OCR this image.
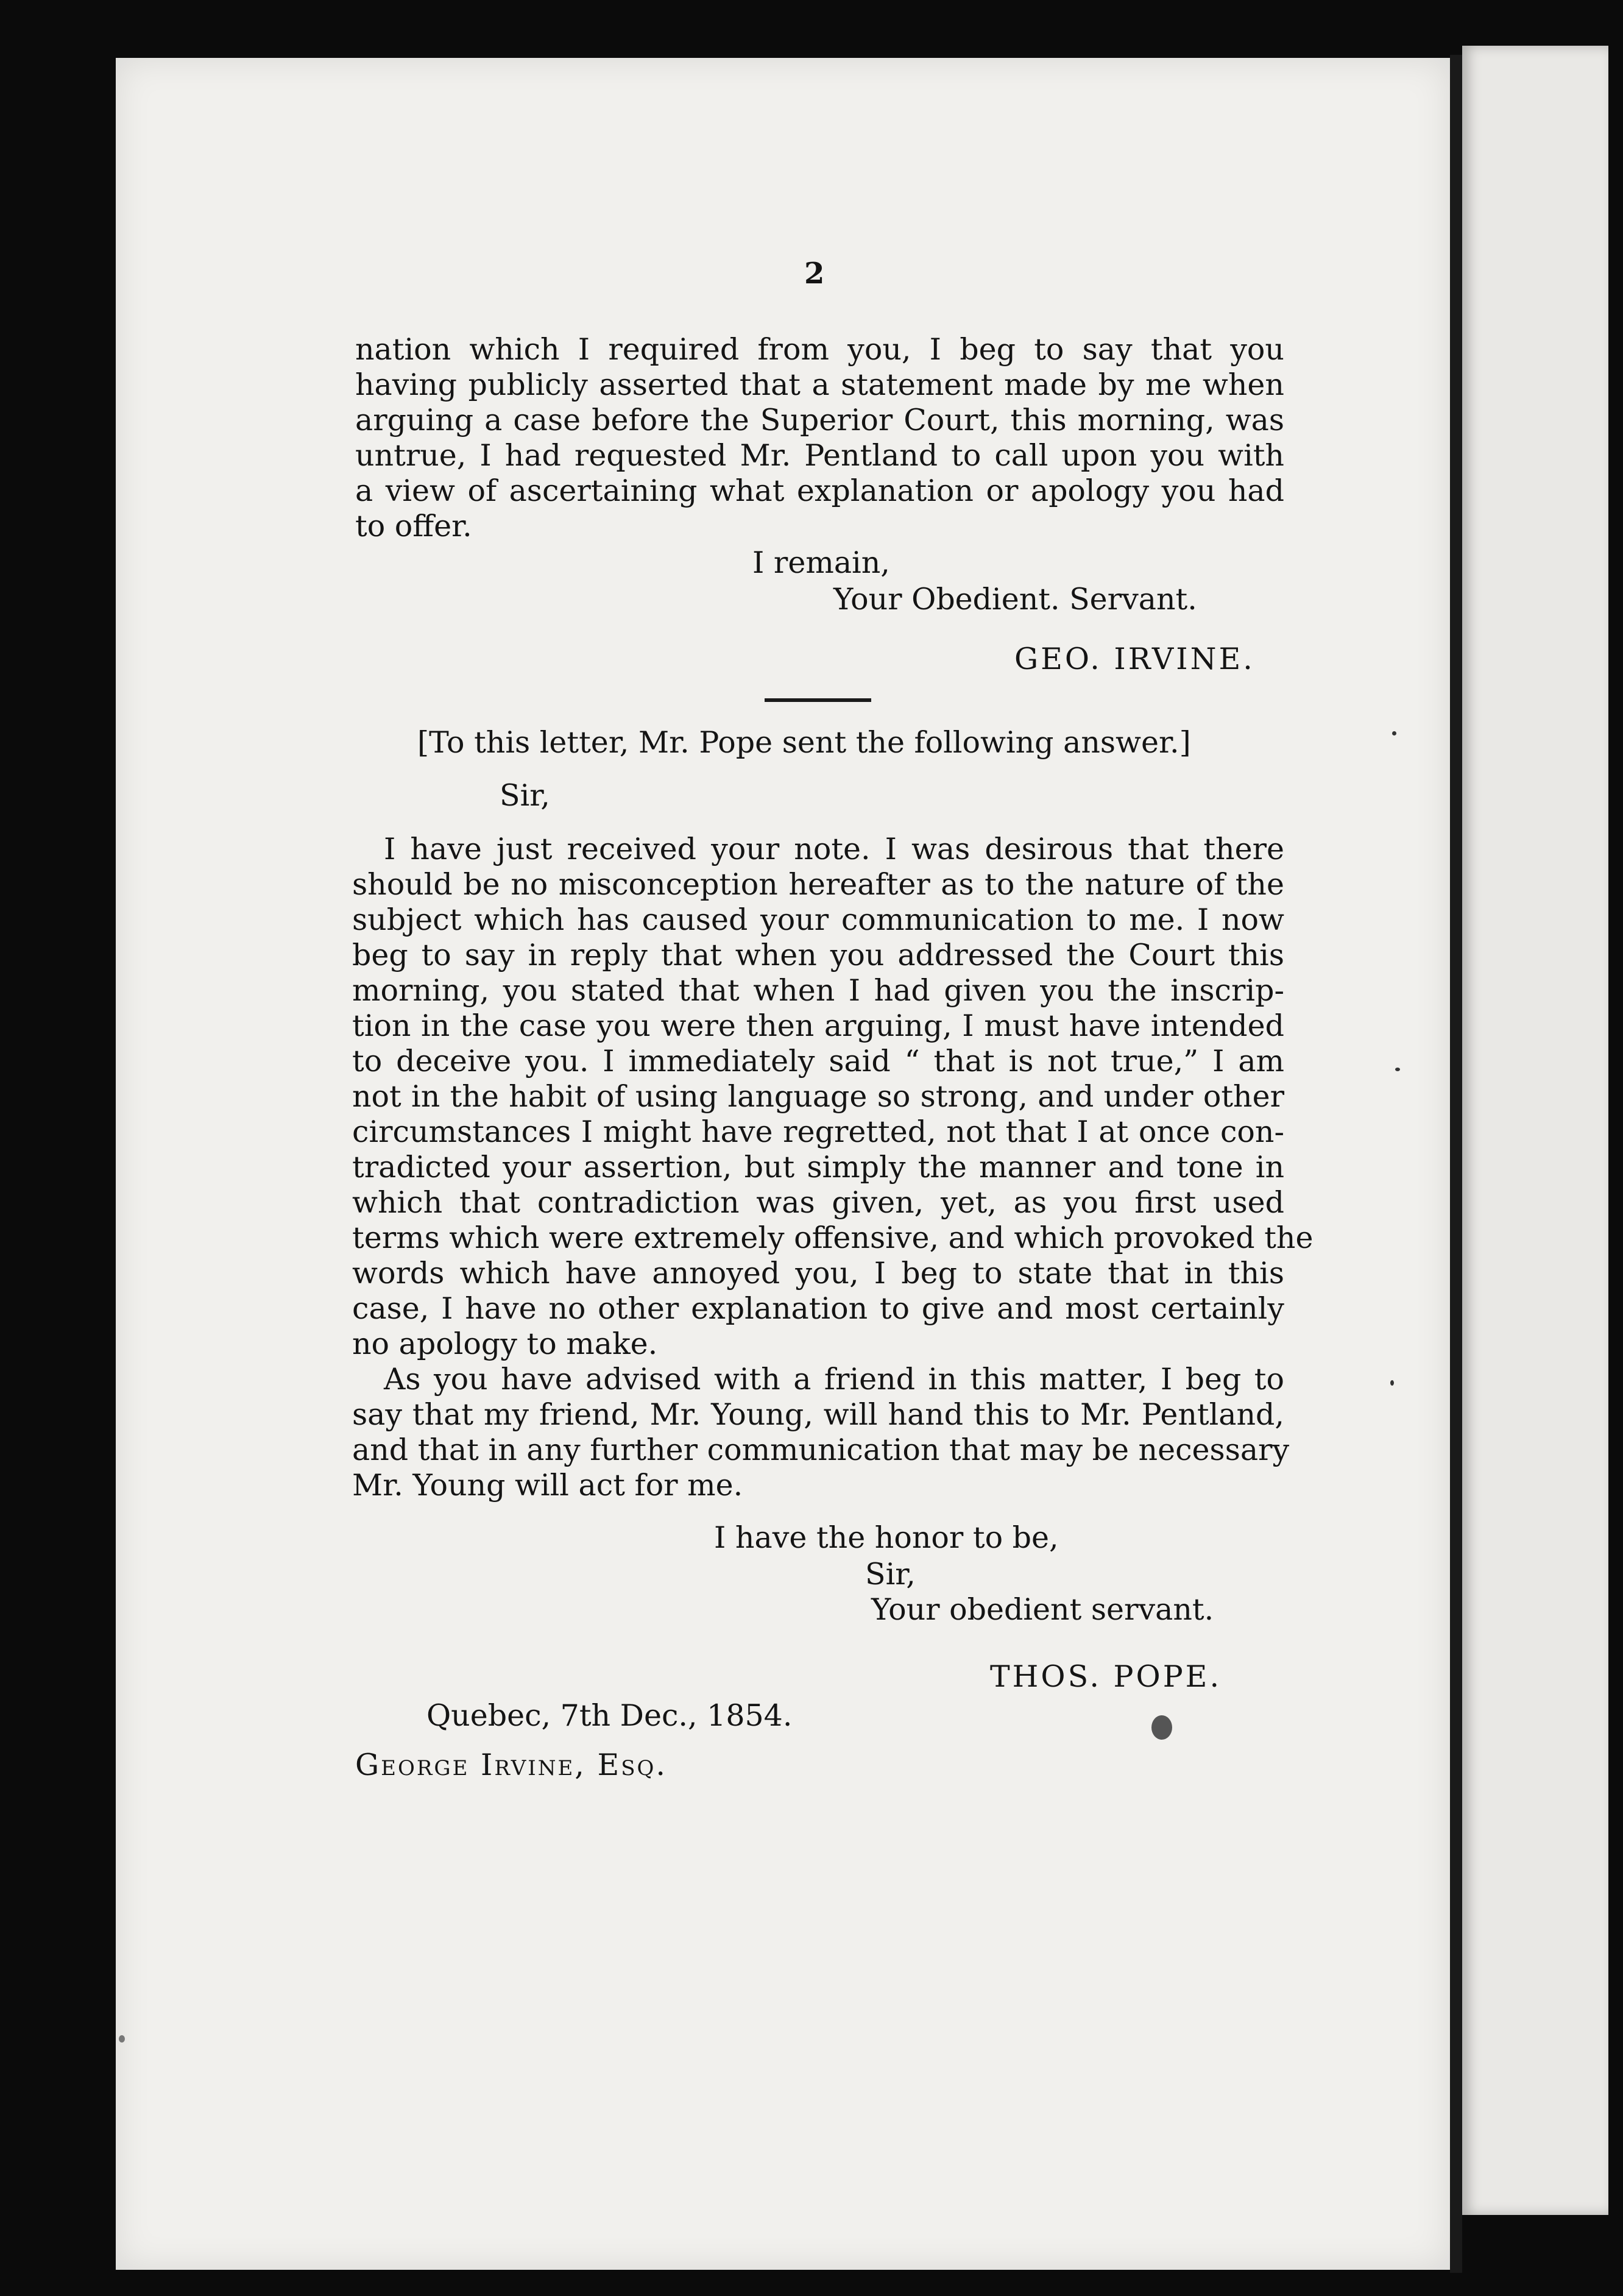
2
nation which I required from you, I beg to say that you
having publicly asserted that a statement made by me when
arguing a case before the Superior Court, this morning, was
untrue, I had requested Mr. Pentland to call upon you with
a view of ascertaining what explanation or apology you had
to offer.
I remain,
Your Obedient. Servant.
GEO. IRVINE.
[To this letter, Mr. Pope sent the following answer.]
Sir,
I have just received your note. I was desirous that there
should be no misconception hereafter as to the nature of the
subject which has caused your communication to me. I now
beg to say in reply that when you addressed the Court this
morning, you stated that when I had given you the inscrip-
tion in the case you were then arguing, I must have intended
to deceive you. I immediately said “ that is not true,” I am
not in the habit of using language so strong, and under other
circumstances I might have regretted, not that I at once con-
tradicted your assertion, but simply the manner and tone in
which that contradiction was given, yet, as you first used
terms which were extremely offensive, and which provoked the
words which have annoyed you, I beg to state that in this
case, I have no other explanation to give and most certainly
no apology to make.
As you have advised with a friend in this matter, I beg to
say that my friend, Mr. Young, will hand this to Mr. Pentland,
and that in any further communication that may be necessary
Mr. Young will act for me.
I have the honor to be,
Sir,
Your obedient servant.
THOS. POPE.
Quebec, 7th Dec., 1854.
George Irvine, Esq.
